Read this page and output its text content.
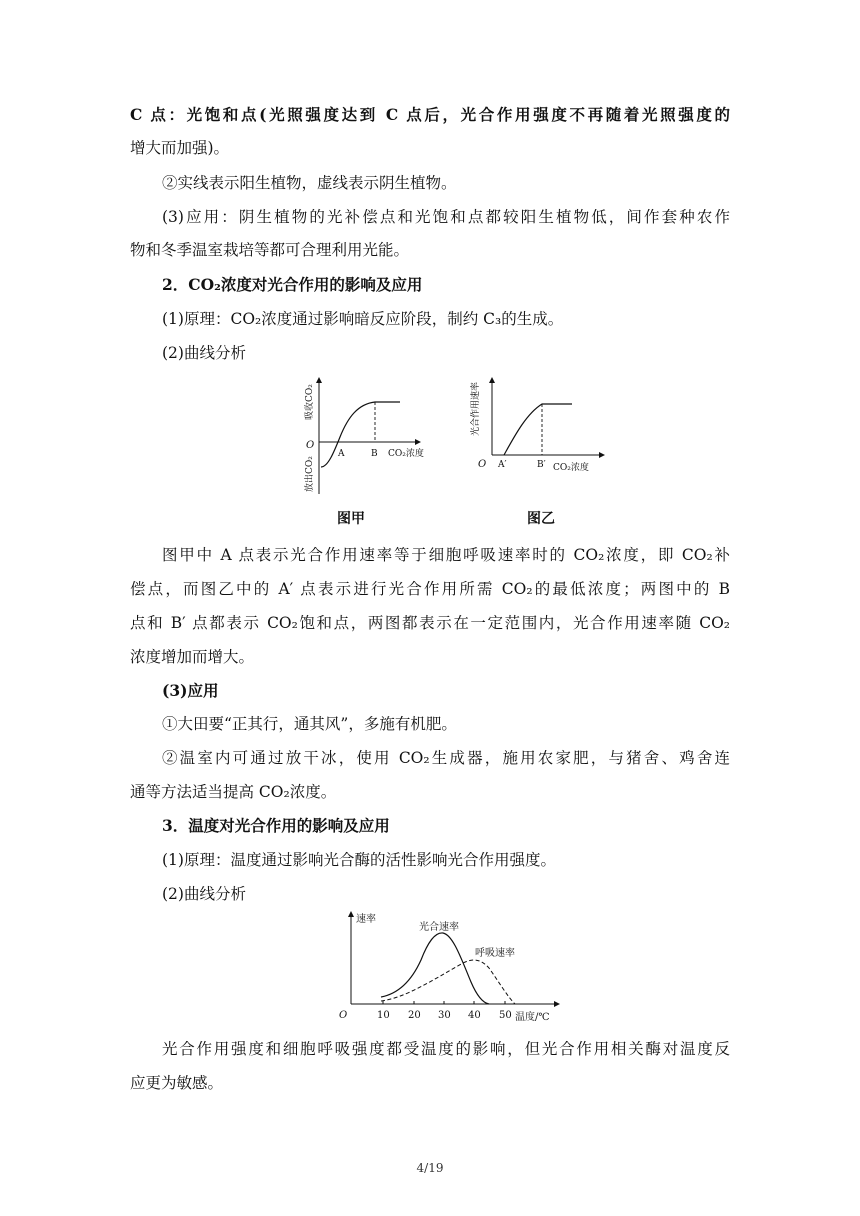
C 点：光饱和点(光照强度达到 C 点后，光合作用强度不再随着光照强度的
增大而加强)。
②实线表示阳生植物，虚线表示阴生植物。
(3)应用：阴生植物的光补偿点和光饱和点都较阳生植物低，间作套种农作
物和冬季温室栽培等都可合理利用光能。
2．CO₂浓度对光合作用的影响及应用
(1)原理：CO₂浓度通过影响暗反应阶段，制约 C₃的生成。
(2)曲线分析
O
A	B CO₂浓度
吸收CO₂
放出CO₂	O A′	B′ CO₂浓度
光合作用速率
图甲	图乙
图甲中 A 点表示光合作用速率等于细胞呼吸速率时的 CO₂浓度，即 CO₂补
偿点，而图乙中的 A′ 点表示进行光合作用所需 CO₂的最低浓度；两图中的 B
点和 B′ 点都表示 CO₂饱和点，两图都表示在一定范围内，光合作用速率随 CO₂
浓度增加而增大。
(3)应用
①大田要“正其行，通其风”，多施有机肥。
②温室内可通过放干冰，使用 CO₂生成器，施用农家肥，与猪舍、鸡舍连
通等方法适当提高 CO₂浓度。
3．温度对光合作用的影响及应用
(1)原理：温度通过影响光合酶的活性影响光合作用强度。
(2)曲线分析
速率
光合速率
呼吸速率
O	10 20 30 40 50 温度/℃
光合作用强度和细胞呼吸强度都受温度的影响，但光合作用相关酶对温度反
应更为敏感。
4/19
